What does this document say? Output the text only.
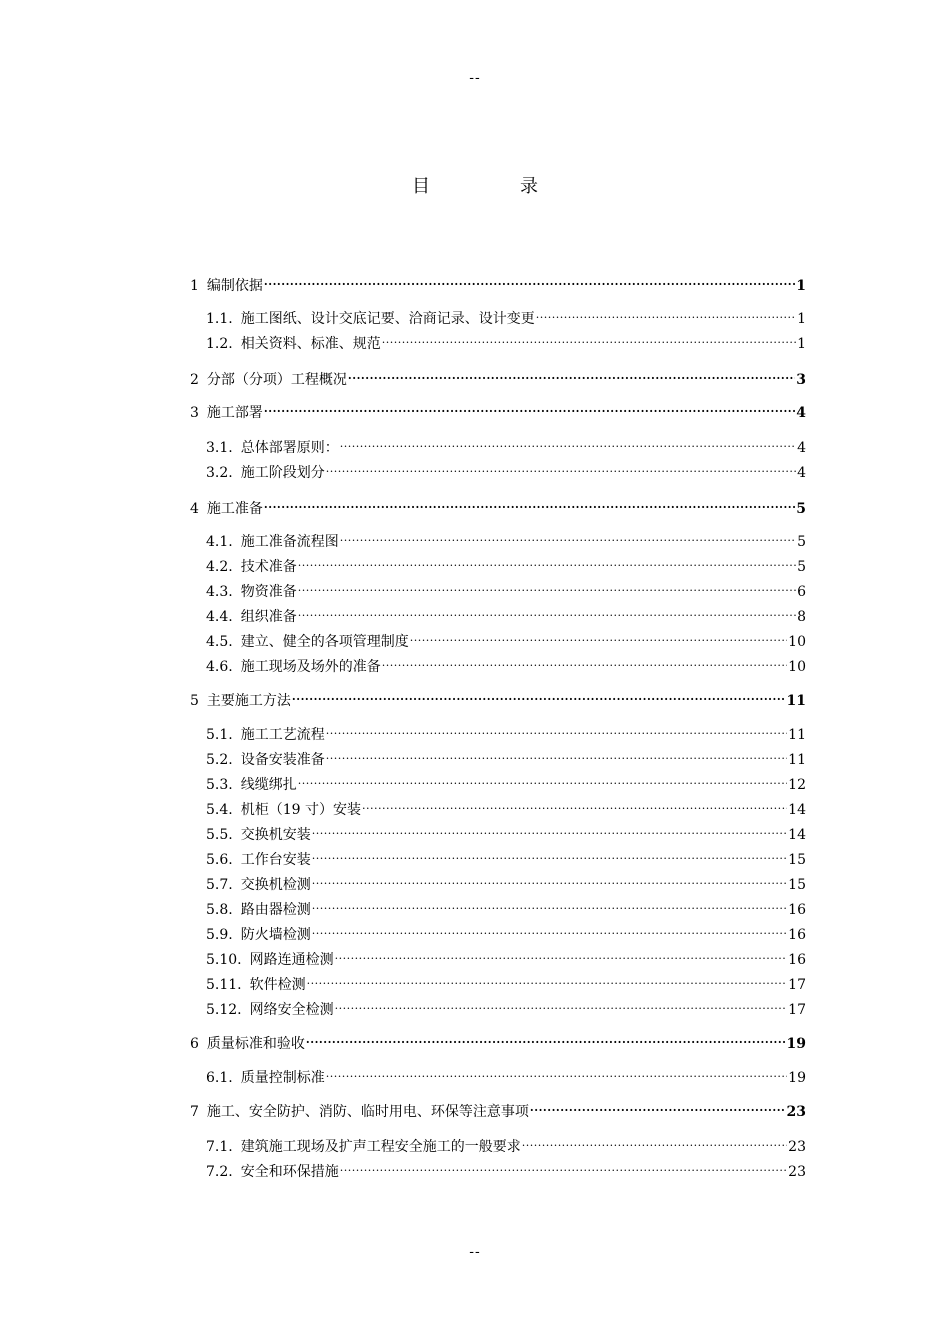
--
目　录
1 编制依据 .....	1
1.1. 施工图纸、设计交底记要、洽商记录、设计变更 .....	1
1.2. 相关资料、标准、规范 .....	1
2 分部（分项）工程概况 .....	3
3 施工部署 .....	4
3.1. 总体部署原则： .....	4
3.2. 施工阶段划分 .....	4
4 施工准备 .....	5
4.1. 施工准备流程图 .....	5
4.2. 技术准备 .....	5
4.3. 物资准备 .....	6
4.4. 组织准备 .....	8
4.5. 建立、健全的各项管理制度 .....	10
4.6. 施工现场及场外的准备 .....	10
5 主要施工方法 .....	11
5.1. 施工工艺流程 .....	11
5.2. 设备安装准备 .....	11
5.3. 线缆绑扎 .....	12
5.4. 机柜（19 寸）安装 .....	14
5.5. 交换机安装 .....	14
5.6. 工作台安装 .....	15
5.7. 交换机检测 .....	15
5.8. 路由器检测 .....	16
5.9. 防火墙检测 .....	16
5.10. 网路连通检测 .....	16
5.11. 软件检测 .....	17
5.12. 网络安全检测 .....	17
6 质量标准和验收 .....	19
6.1. 质量控制标准 .....	19
7 施工、安全防护、消防、临时用电、环保等注意事项 .....	23
7.1. 建筑施工现场及扩声工程安全施工的一般要求 .....	23
7.2. 安全和环保措施 .....	23
--
